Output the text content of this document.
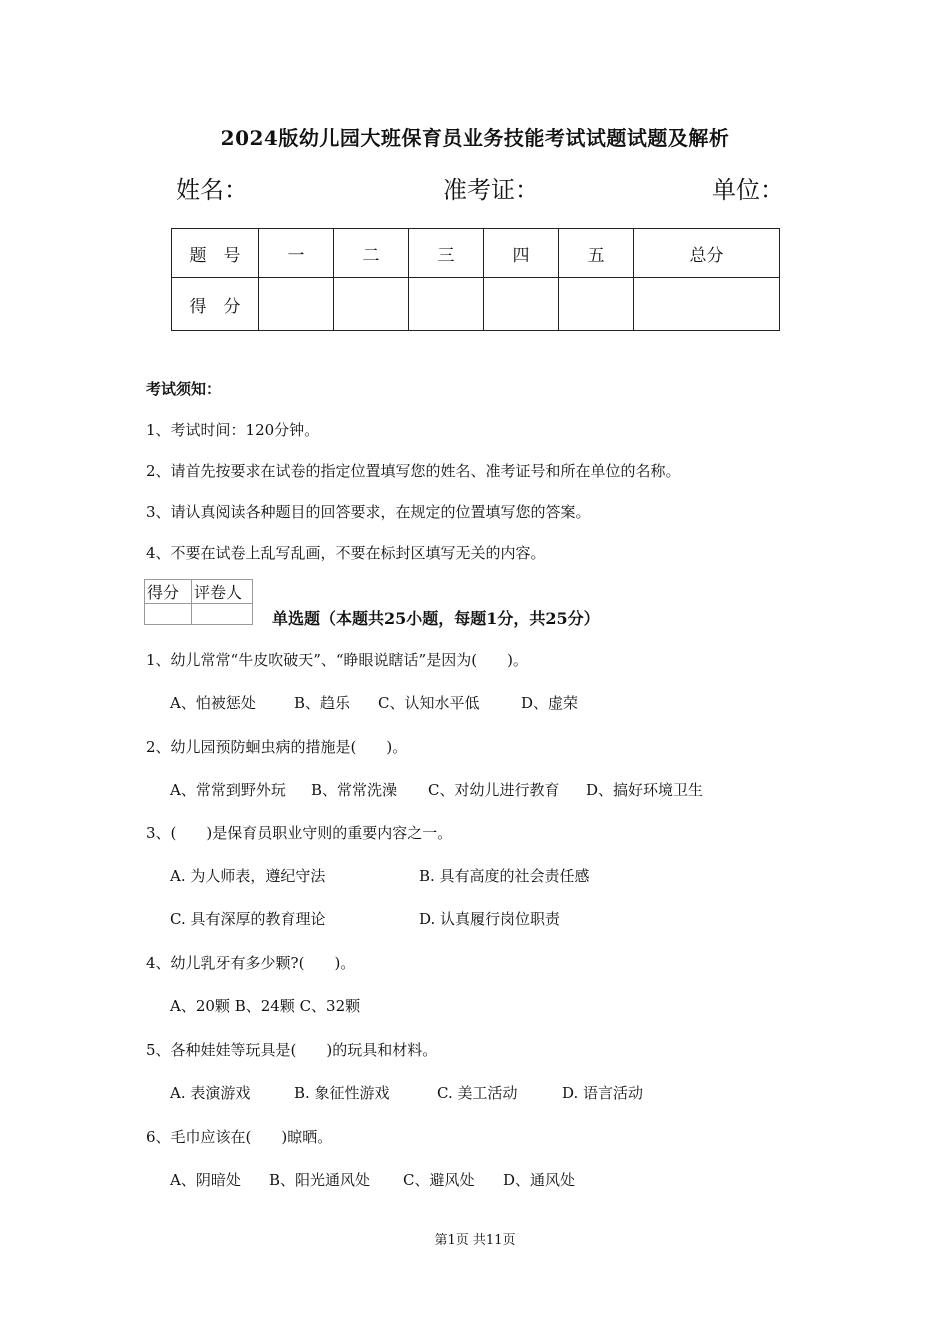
2024版幼儿园大班保育员业务技能考试试题试题及解析
姓名：	准考证：	单位：
题　号	一	二	三	四	五	总分
得　分						
考试须知：
1、考试时间：120分钟。
2、请首先按要求在试卷的指定位置填写您的姓名、准考证号和所在单位的名称。
3、请认真阅读各种题目的回答要求，在规定的位置填写您的答案。
4、不要在试卷上乱写乱画，不要在标封区填写无关的内容。
得分	评卷人

单选题（本题共25小题，每题1分，共25分）
1、幼儿常常“牛皮吹破天”、“睁眼说瞎话”是因为(　　)。
A、怕被惩处	B、趋乐 C、认知水平低	D、虚荣
2、幼儿园预防蛔虫病的措施是(　　)。
A、常常到野外玩 B、常常洗澡 C、对幼儿进行教育 D、搞好环境卫生
3、(　　)是保育员职业守则的重要内容之一。
A. 为人师表，遵纪守法	B. 具有高度的社会责任感
C. 具有深厚的教育理论	D. 认真履行岗位职责
4、幼儿乳牙有多少颗?(　　)。
A、20颗 B、24颗 C、32颗
5、各种娃娃等玩具是(　　)的玩具和材料。
A. 表演游戏	B. 象征性游戏	C. 美工活动	D. 语言活动
6、毛巾应该在(　　)晾晒。
A、阴暗处 B、阳光通风处 C、避风处 D、通风处
第1页 共11页
